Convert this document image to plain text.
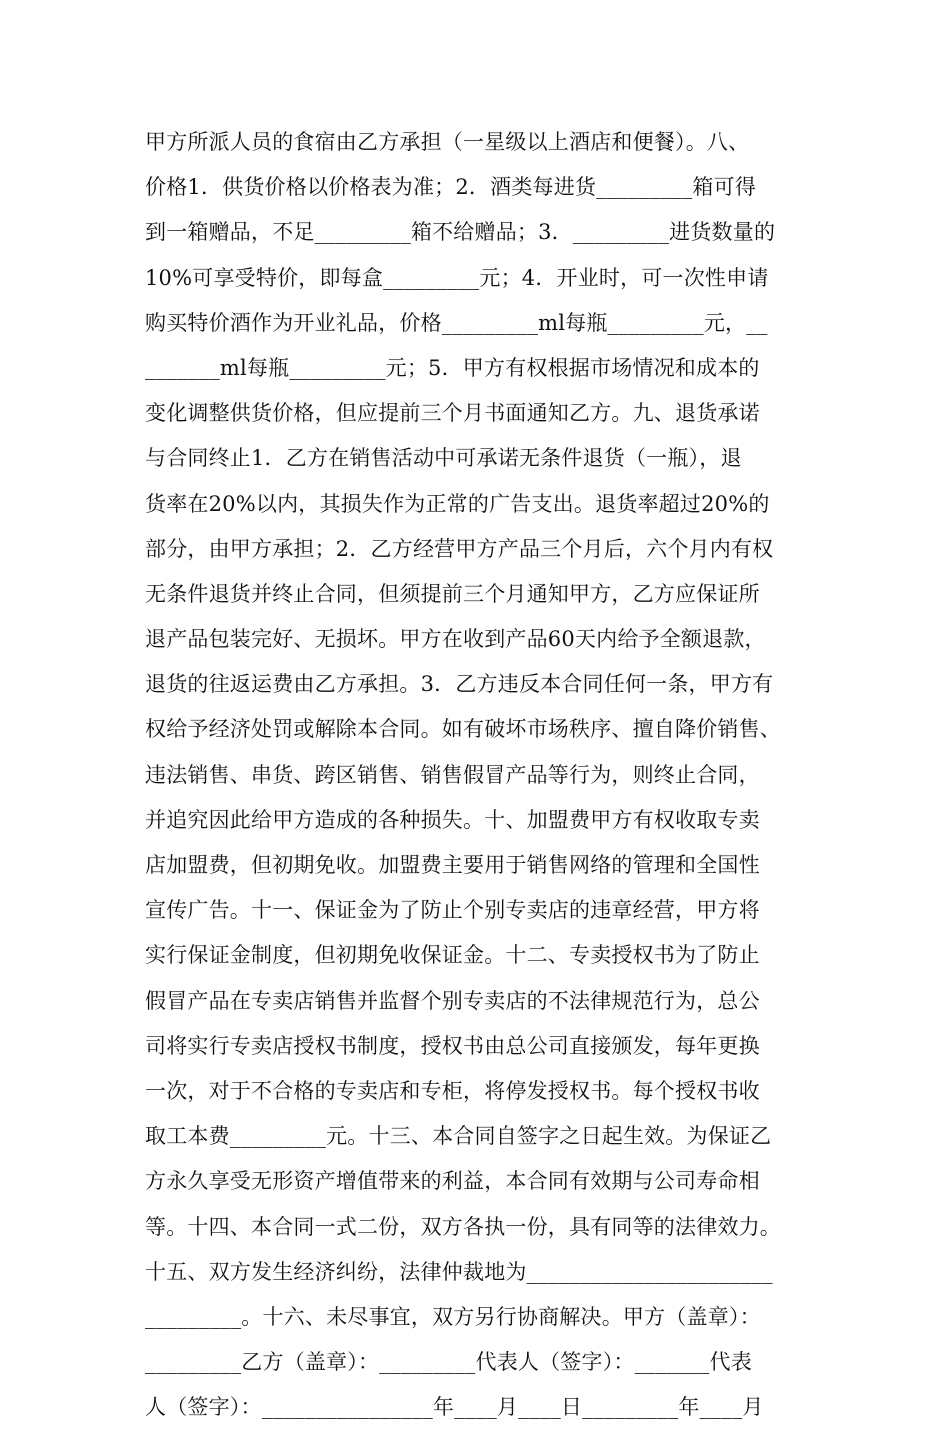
甲方所派人员的食宿由乙方承担（一星级以上酒店和便餐）。八、
价格1．供货价格以价格表为准；2．酒类每进货_________箱可得
到一箱赠品，不足_________箱不给赠品；3．_________进货数量的
10%可享受特价，即每盒_________元；4．开业时，可一次性申请
购买特价酒作为开业礼品，价格_________ml每瓶_________元，__
_______ml每瓶_________元；5．甲方有权根据市场情况和成本的
变化调整供货价格，但应提前三个月书面通知乙方。九、退货承诺
与合同终止1．乙方在销售活动中可承诺无条件退货（一瓶），退
货率在20%以内，其损失作为正常的广告支出。退货率超过20%的
部分，由甲方承担；2．乙方经营甲方产品三个月后，六个月内有权
无条件退货并终止合同，但须提前三个月通知甲方，乙方应保证所
退产品包装完好、无损坏。甲方在收到产品60天内给予全额退款，
退货的往返运费由乙方承担。3．乙方违反本合同任何一条，甲方有
权给予经济处罚或解除本合同。如有破坏市场秩序、擅自降价销售、
违法销售、串货、跨区销售、销售假冒产品等行为，则终止合同，
并追究因此给甲方造成的各种损失。十、加盟费甲方有权收取专卖
店加盟费，但初期免收。加盟费主要用于销售网络的管理和全国性
宣传广告。十一、保证金为了防止个别专卖店的违章经营，甲方将
实行保证金制度，但初期免收保证金。十二、专卖授权书为了防止
假冒产品在专卖店销售并监督个别专卖店的不法律规范行为，总公
司将实行专卖店授权书制度，授权书由总公司直接颁发，每年更换
一次，对于不合格的专卖店和专柜，将停发授权书。每个授权书收
取工本费_________元。十三、本合同自签字之日起生效。为保证乙
方永久享受无形资产增值带来的利益，本合同有效期与公司寿命相
等。十四、本合同一式二份，双方各执一份，具有同等的法律效力。
十五、双方发生经济纠纷，法律仲裁地为_______________________
_________。十六、未尽事宜，双方另行协商解决。甲方（盖章）：
_________乙方（盖章）：_________代表人（签字）：_______代表
人（签字）：________________年____月____日_________年____月
